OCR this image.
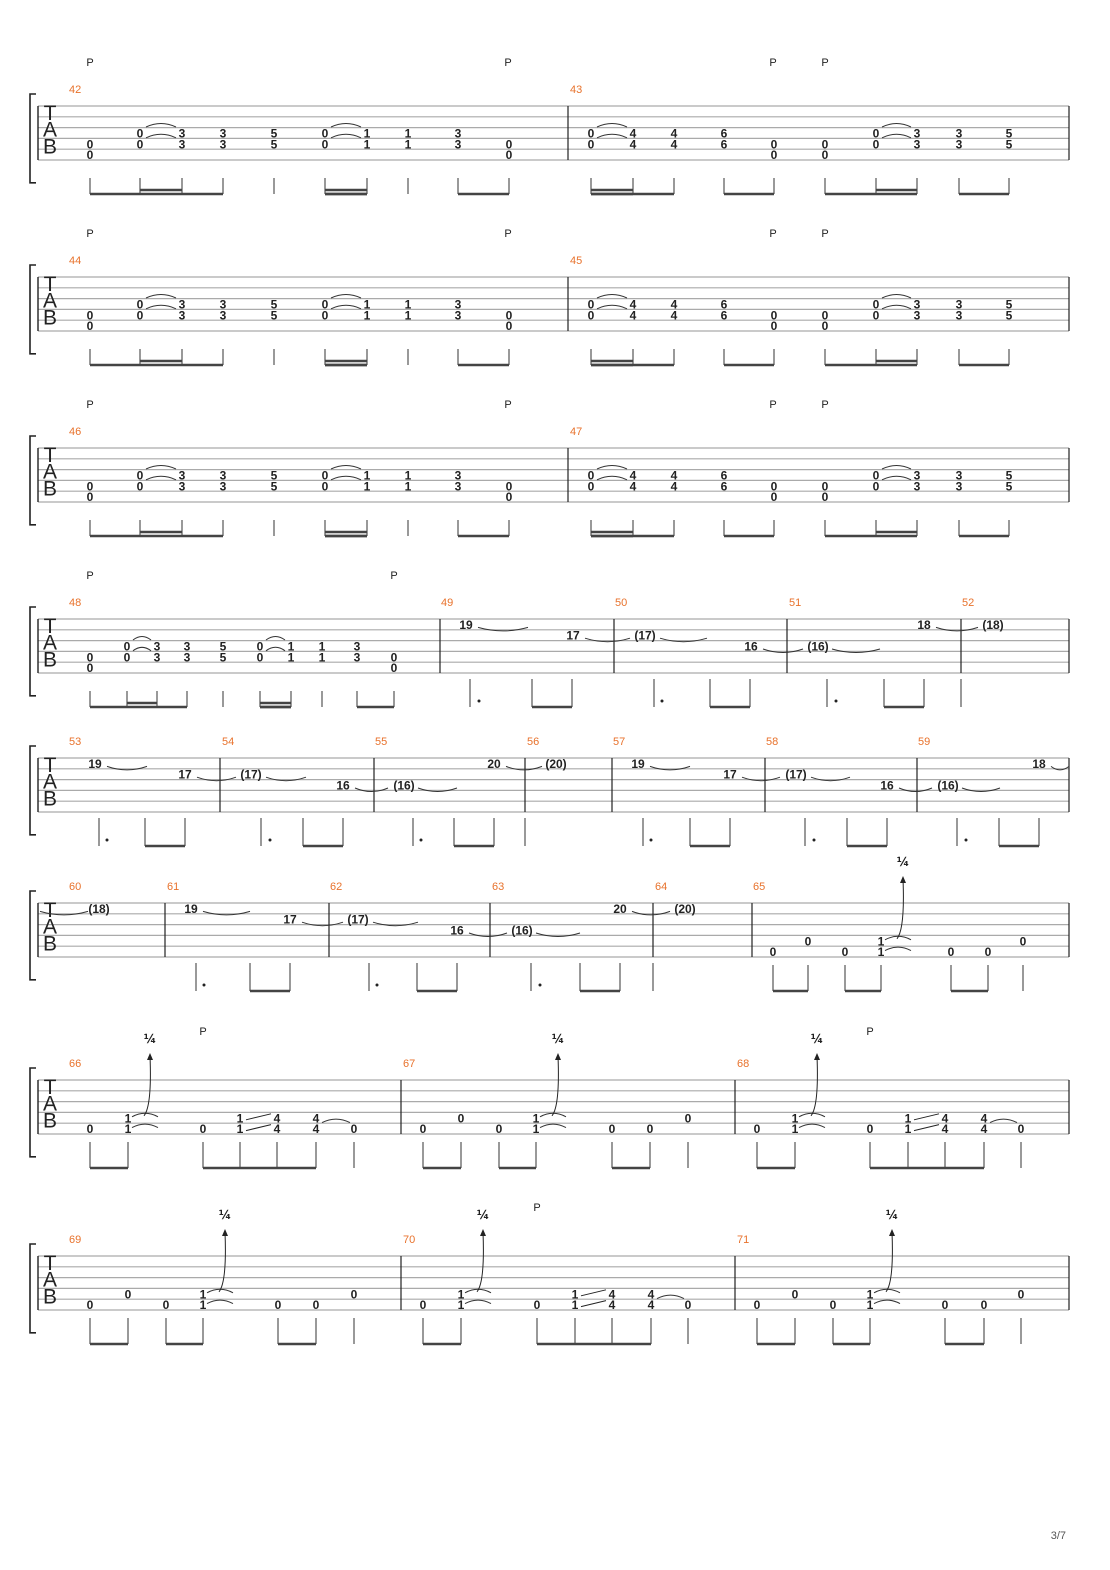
T
A
B
T
A
B
T
A
B
T
A
B
T
A
B
T
A
B
T
A
B
T
A
B
42	43
44	45
46	47
48	49	50	51	52
53	54	55	56	57	58	59
60	61	62	63	64	65
66	67	68
69	70	71
0
0
0
0
3
3
3
3
5
5
0
0
1
1
1
1
3
3	0
0
P	P
0
0
4
4
4
4
6
6	0
0
0
0
0
0
3
3
3
3
5
5
P	P
0
0
0
0
3
3
3
3
5
5
0
0
1
1
1
1
3
3	0
0
P	P
0
0
4
4
4
4
6
6	0
0
0
0
0
0
3
3
3
3
5
5
P	P
0
0
0
0
3
3
3
3
5
5
0
0
1
1
1
1
3
3	0
0
P	P
0
0
4
4
4
4
6
6	0
0
0
0
0
0
3
3
3
3
5
5
P	P
0
0
0
0
3
3
3
3
5
5
0
0
1
1
1
1
3
3	0
0
P	P
19
17	(17)
16	(16)
18	(18)
19
17	(17)
16	(16)
20	(20)	19
17	(17)
16	(16)
18
(18)	19
17	(17)
16	(16)
20	(20)
0
0
0
1
1	0	0
0
¼
0
1
1	0
1
1
4
4
4
4	0
¼	P
0
0
0
1
1	0	0
0
¼
0
1
1	0
1
1
4
4
4
4	0
¼	P
0
0
0
1
1	0	0
0
¼
0
1
1	0
1
1
4
4
4
4	0
¼	P
0
0
0
1
1	0	0
0
¼
3/7
